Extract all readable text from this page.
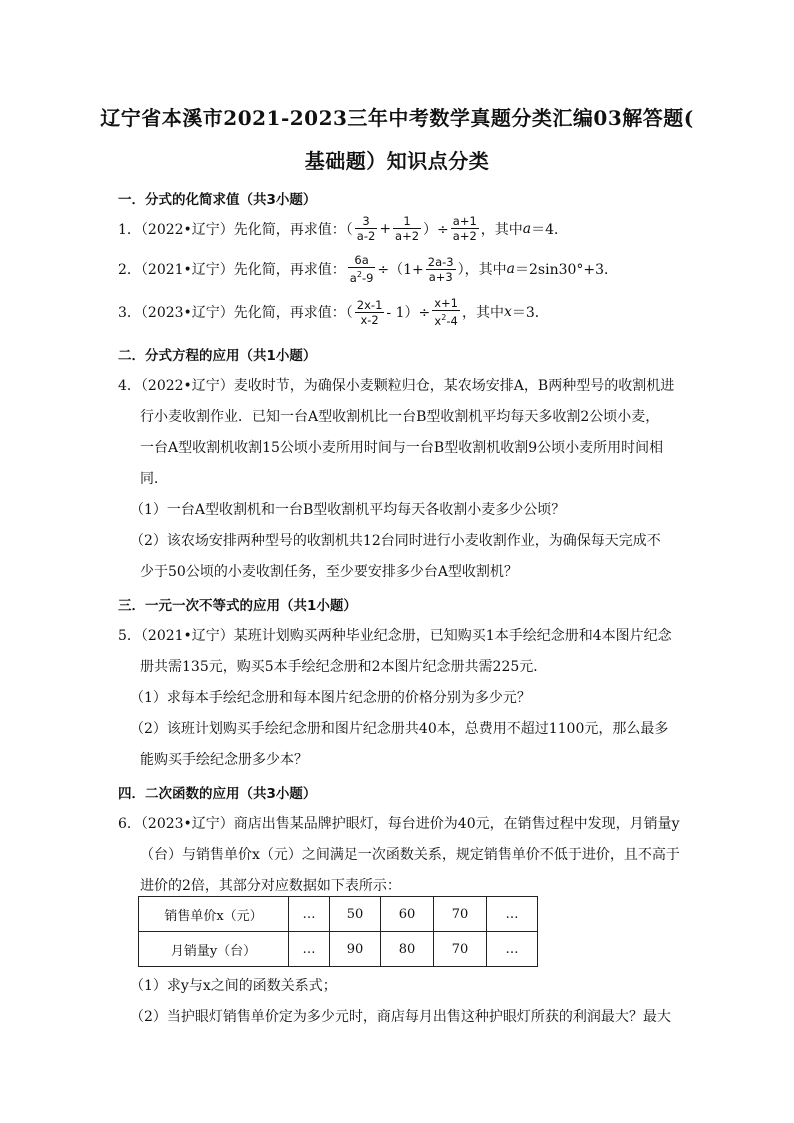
辽宁省本溪市2021-2023三年中考数学真题分类汇编03解答题(
基础题）知识点分类
一．分式的化简求值（共3小题）
1．（2022•辽宁）先化简，再求值：（ $\frac{3}{a-2} + \frac{1}{a+2}$ ）÷ $\frac{a+1}{a+2}$ ，其中 a ＝4．
2．（2021•辽宁）先化简，再求值： $\frac{6a}{a^2-9} \div(1+ \frac{2a-3}{a+3}$ ），其中 a ＝2sin30°+3．
3．（2023•辽宁）先化简，再求值：（ $\frac{2x-1}{x-2} - 1)\div \frac{x+1}{x^2-4}$ ，其中 x ＝3．
二．分式方程的应用（共1小题）
4．（2022•辽宁）麦收时节，为确保小麦颗粒归仓，某农场安排A，B两种型号的收割机进
行小麦收割作业．已知一台A型收割机比一台B型收割机平均每天多收割2公顷小麦，
一台A型收割机收割15公顷小麦所用时间与一台B型收割机收割9公顷小麦所用时间相
同．
（1）一台A型收割机和一台B型收割机平均每天各收割小麦多少公顷？
（2）该农场安排两种型号的收割机共12台同时进行小麦收割作业，为确保每天完成不
少于50公顷的小麦收割任务，至少要安排多少台A型收割机？
三．一元一次不等式的应用（共1小题）
5．（2021•辽宁）某班计划购买两种毕业纪念册，已知购买1本手绘纪念册和4本图片纪念
册共需135元，购买5本手绘纪念册和2本图片纪念册共需225元．
（1）求每本手绘纪念册和每本图片纪念册的价格分别为多少元？
（2）该班计划购买手绘纪念册和图片纪念册共40本，总费用不超过1100元，那么最多
能购买手绘纪念册多少本？
四．二次函数的应用（共3小题）
6．（2023•辽宁）商店出售某品牌护眼灯，每台进价为40元，在销售过程中发现，月销量y
（台）与销售单价x（元）之间满足一次函数关系，规定销售单价不低于进价，且不高于
进价的2倍，其部分对应数据如下表所示：
销售单价x（元）	…	50	60	70	…
月销量y（台）	…	90	80	70	…
（1）求y与x之间的函数关系式；
（2）当护眼灯销售单价定为多少元时，商店每月出售这种护眼灯所获的利润最大？最大
